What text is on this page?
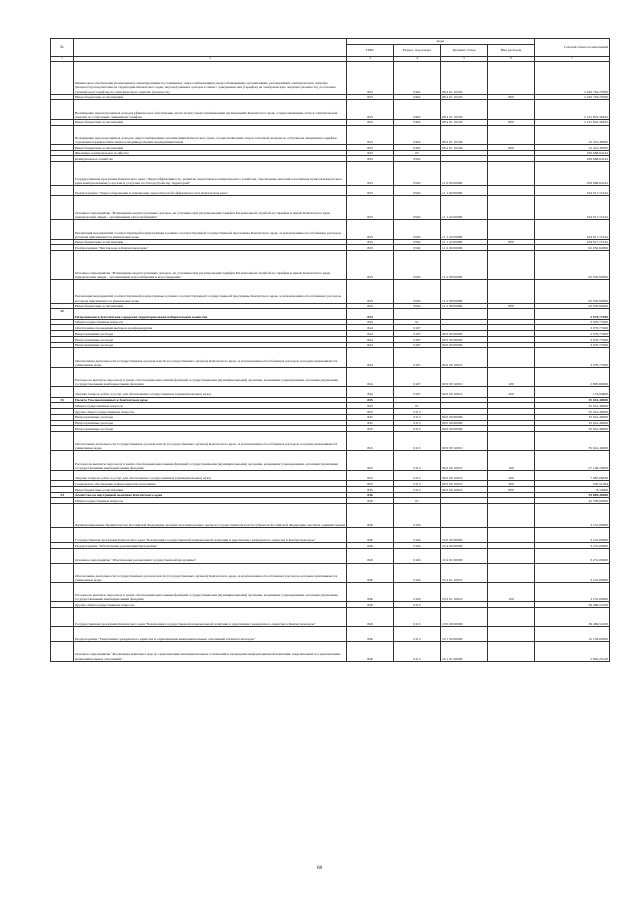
№		коды				Годовой объем ассигнований
		ГРБС	Раздел, под-раздел	Целевая статья	Вид расходов	
1	2	3	4	5	6	7
	Финансовое обеспечение (возмещение) гарантирующим поставщикам, энергоснабжающим (энергосбывающим) организациям, реализующим электрическую энергию (мощность) покупателям на территории Камчатского края, недополученных доходов в связи с доведением цен (тарифов) на электрическую энергию (мощность) до базовых уровней цен (тарифов) на электрическую энергию (мощность)	843	0402	08 4 01 10220		2 226 704,76500
	Иные бюджетные ассигнования	843	0402	08 4 01 10220	800	2 226 704,76500
	Возмещение недополученных доходов (финансовое обеспечение части затрат) энергоснабжающим организациям Камчатского края, осуществляющим отпуск электрической энергии по отпускным сниженным тарифам	843	0402	08 4 01 10230		2 215 822,30445
	Иные бюджетные ассигнования	843	0402	08 4 01 10230	800	2 215 822,30445
	Возмещение недополученных доходов энергоснабжающим организациям Камчатского края, осуществляющим отпуск тепловой энергии по отпускным сниженным тарифам отдельным юридическим лицам и индивидуальным предпринимателям	843	0402	08 4 01 10240		12 431,48585
	Иные бюджетные ассигнования	843	0402	08 4 01 10240	800	12 431,48585
	Жилищно-коммунальное хозяйство	843	05			256 668,64142
	Коммунальное хозяйство	843	0502			256 668,64142
	Государственная программа Камчатского края "Энергоэффективность, развитие энергетики и коммунального хозяйства, обеспечение жителей населенных пунктов Камчатского края коммунальными услугами и услугами по благоустройству территорий"	843	0502	11 0 00 00000		256 668,64142
	Подпрограмма "Энергосбережение и повышение энергетической эффективности в Камчатском крае"	843	0502	11 1 00 00000		164 617,72142
	Основное мероприятие "Возмещение недополученных доходов, не учтенных при регулировании тарифов Региональной службой по тарифам и ценам Камчатского края, юридическим лицам - организациям теплоснабжения"	843	0502	11 1 24 00000		164 617,72142
	Реализация мероприятий соответствующей подпрограммы в рамках соответствующей государственной программы Камчатского края, за исключением обособленных расходов, которым присваиваются уникальные коды	843	0502	11 1 24 09990		164 617,72142
	Иные бюджетные ассигнования	843	0502	11 1 24 09990	800	164 617,72142
	Подпрограмма "Чистая вода в Камчатском крае"	843	0502	11 2 00 00000		92 050,92000
	Основное мероприятие "Возмещение недополученных доходов, не учтенных при регулировании тарифов Региональной службой по тарифам и ценам Камчатского края, юридическим лицам - организациям водоснабжения и водоотведения"	843	0502	11 2 08 00000		92 050,92000
	Реализация мероприятий соответствующей подпрограммы в рамках соответствующей государственной программы Камчатского края, за исключением обособленных расходов, которым присваиваются уникальные коды	843	0502	11 2 08 09990		92 050,92000
	Иные бюджетные ассигнования	843	0502	11 2 08 09990	800	92 050,92000
32	Петропавловск-Камчатская городская территориальная избирательная комиссия	844				3 070,77400
	Общегосударственные вопросы	844	01			3 070,77400
	Обеспечение проведения выборов и референдумов	844	0107			3 070,77400
	Непрограммные расходы	844	0107	99 0 00 00000		3 070,77400
	Непрограммные расходы	844	0107	99 0 00 00000		3 070,77400
	Непрограммные расходы	844	0107	99 0 00 00000		3 070,77400
	Обеспечение деятельности государственных органов власти (государственных органов) Камчатского края, за исключением обособленных расходов, которым присваиваются уникальные коды	844	0107	99 0 00 10010		3 070,77400
	Расходы на выплаты персоналу в целях обеспечения выполнения функций государственными (муниципальными) органами, казенными учреждениями, органами управления государственными внебюджетными фондами	844	0107	99 0 00 10010	100	2 895,82600
	Закупка товаров, работ и услуг для обеспечения государственных (муниципальных) нужд	844	0107	99 0 00 10010	200	174,94800
33	Палата Уполномоченных в Камчатском крае	845				35 041,40000
	Общегосударственные вопросы	845	01			35 041,40000
	Другие общегосударственные вопросы	845	0113			35 041,40000
	Непрограммные расходы	845	0113	99 0 00 00000		35 041,40000
	Непрограммные расходы	845	0113	99 0 00 00000		35 041,40000
	Непрограммные расходы	845	0113	99 0 00 00000		35 041,40000
	Обеспечение деятельности государственных органов власти (государственных органов) Камчатского края, за исключением обособленных расходов, которым присваиваются уникальные коды	845	0113	99 0 00 10010		35 041,40000
	Расходы на выплаты персоналу в целях обеспечения выполнения функций государственными (муниципальными) органами, казенными учреждениями, органами управления государственными внебюджетными фондами	845	0113	99 0 00 10010	100	27 140,70000
	Закупка товаров, работ и услуг для обеспечения государственных (муниципальных) нужд	845	0113	99 0 00 10010	200	7 687,08636
	Социальное обеспечение и иные выплаты населению	845	0113	99 0 00 10010	300	205,51364
	Иные бюджетные ассигнования	845	0113	99 0 00 10010	800	8,10000
34	Агентство по внутренней политике Камчатского края	846				55 809,49000
	Общегосударственные вопросы	846	01			42 700,62000
	Функционирование Правительства Российской Федерации, высших исполнительных органов государственной власти субъектов Российской Федерации, местных администраций	846	0104			3 231,09900
	Государственная программа Камчатского края "Реализация государственной национальной политики и укрепление гражданского единства в Камчатском крае"	846	0104	19 0 00 00000		3 231,09900
	Подпрограмма "Обеспечение реализации Программы"	846	0104	19 4 00 00000		3 231,09900
	Основное мероприятие "Обеспечение реализации государственной программы"	846	0104	19 4 01 00000		3 231,09900
	Обеспечение деятельности государственных органов власти (государственных органов) Камчатского края, за исключением обособленных расходов, которым присваиваются уникальные коды	846	0104	19 4 01 10010		3 231,09900
	Расходы на выплаты персоналу в целях обеспечения выполнения функций государственными (муниципальными) органами, казенными учреждениями, органами управления государственными внебюджетными фондами	846	0104	19 4 01 10010	100	3 231,09900
	Другие общегосударственные вопросы	846	0113			39 469,52100
	Государственная программа Камчатского края "Реализация государственной национальной политики и укрепление гражданского единства в Камчатском крае"	846	0113	19 0 00 00000		39 469,52100
	Подпрограмма "Укрепление гражданского единства и гармонизация межнациональных отношений в Камчатском крае"	846	0113	19 1 00 00000		12 156,62000
	Основное мероприятие "Реализация комплекса мер по гармонизации межнациональных отношений и проведение информационной кампании, направленной на гармонизацию межнациональных отношений"	846	0113	19 1 01 00000		5 802,23120
68
